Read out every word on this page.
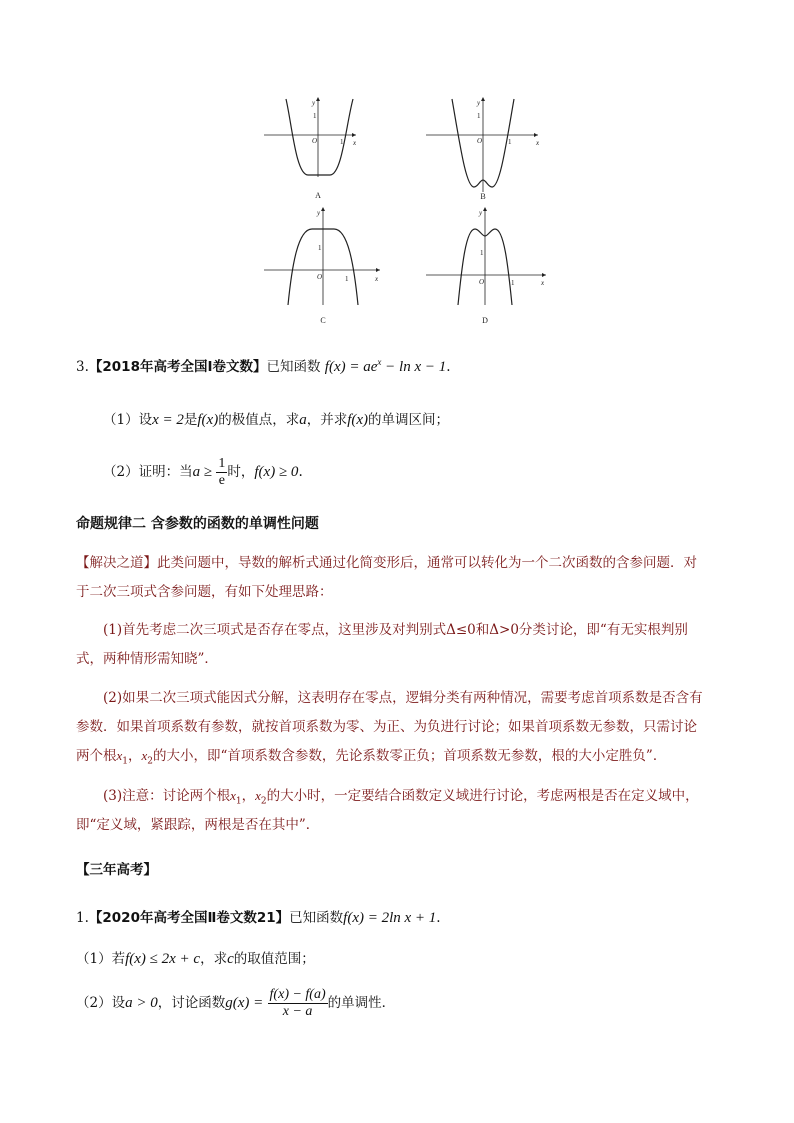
y
x
O	1
1
A
y
x
O	1
1
B
y
x
O	1
1
C
y
x
O	1
1
D
3.【2018年高考全国Ⅰ卷文数】已知函数 $f(x) = ae^x - \ln x - 1$.
（1）设x = 2是f(x)的极值点，求a，并求f(x)的单调区间；
（2）证明：当$a \ge \frac{1}{e}$ 时，f(x) ≥ 0.
命题规律二 含参数的函数的单调性问题
【解决之道】此类问题中，导数的解析式通过化简变形后，通常可以转化为一个二次函数的含参问题．对
于二次三项式含参问题，有如下处理思路：
(1)首先考虑二次三项式是否存在零点，这里涉及对判别式Δ≤0和Δ>0分类讨论，即“有无实根判别
式，两种情形需知晓”．
(2)如果二次三项式能因式分解，这表明存在零点，逻辑分类有两种情况，需要考虑首项系数是否含有
参数．如果首项系数有参数，就按首项系数为零、为正、为负进行讨论；如果首项系数无参数，只需讨论
两个根$x_1$，$x_2$的大小，即“首项系数含参数，先论系数零正负；首项系数无参数，根的大小定胜负”．
(3)注意：讨论两个根$x_1$，$x_2$的大小时，一定要结合函数定义域进行讨论，考虑两根是否在定义域中，
即“定义域，紧跟踪，两根是否在其中”．
【三年高考】
1.【2020年高考全国Ⅱ卷文数21】已知函数f(x) = 2ln x + 1.
（1）若f(x) ≤ 2x + c，求c的取值范围；
（2）设a > 0，讨论函数$g(x) = \frac{f(x) - f(a)}{x - a}$ 的单调性．
